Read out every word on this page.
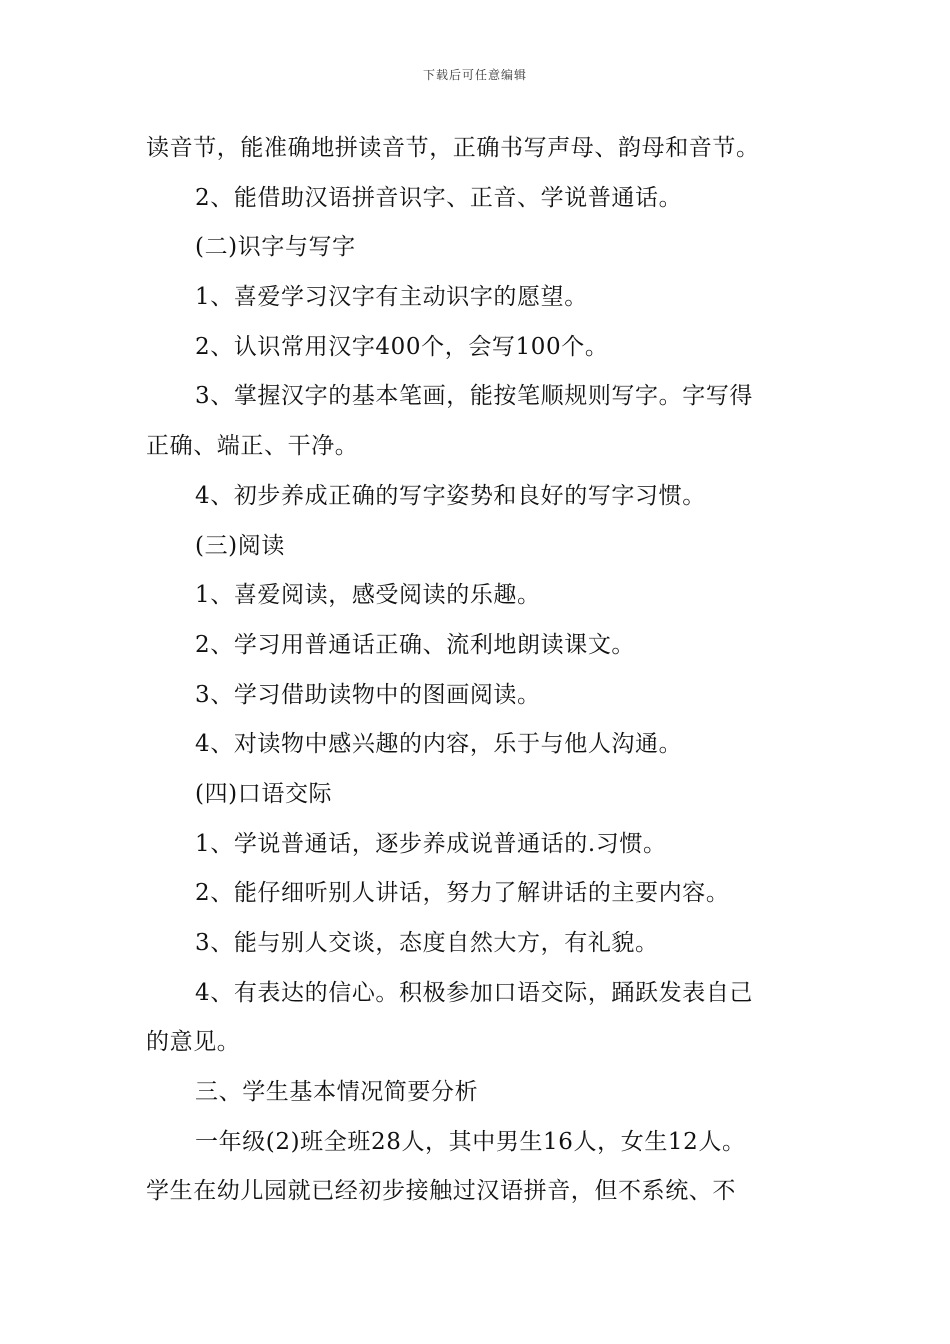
下载后可任意编辑
读音节，能准确地拼读音节，正确书写声母、韵母和音节。
2、能借助汉语拼音识字、正音、学说普通话。
(二)识字与写字
1、喜爱学习汉字有主动识字的愿望。
2、认识常用汉字400个，会写100个。
3、掌握汉字的基本笔画，能按笔顺规则写字。字写得
正确、端正、干净。
4、初步养成正确的写字姿势和良好的写字习惯。
(三)阅读
1、喜爱阅读，感受阅读的乐趣。
2、学习用普通话正确、流利地朗读课文。
3、学习借助读物中的图画阅读。
4、对读物中感兴趣的内容，乐于与他人沟通。
(四)口语交际
1、学说普通话，逐步养成说普通话的.习惯。
2、能仔细听别人讲话，努力了解讲话的主要内容。
3、能与别人交谈，态度自然大方，有礼貌。
4、有表达的信心。积极参加口语交际，踊跃发表自己
的意见。
三、学生基本情况简要分析
一年级(2)班全班28人，其中男生16人，女生12人。
学生在幼儿园就已经初步接触过汉语拼音，但不系统、不
